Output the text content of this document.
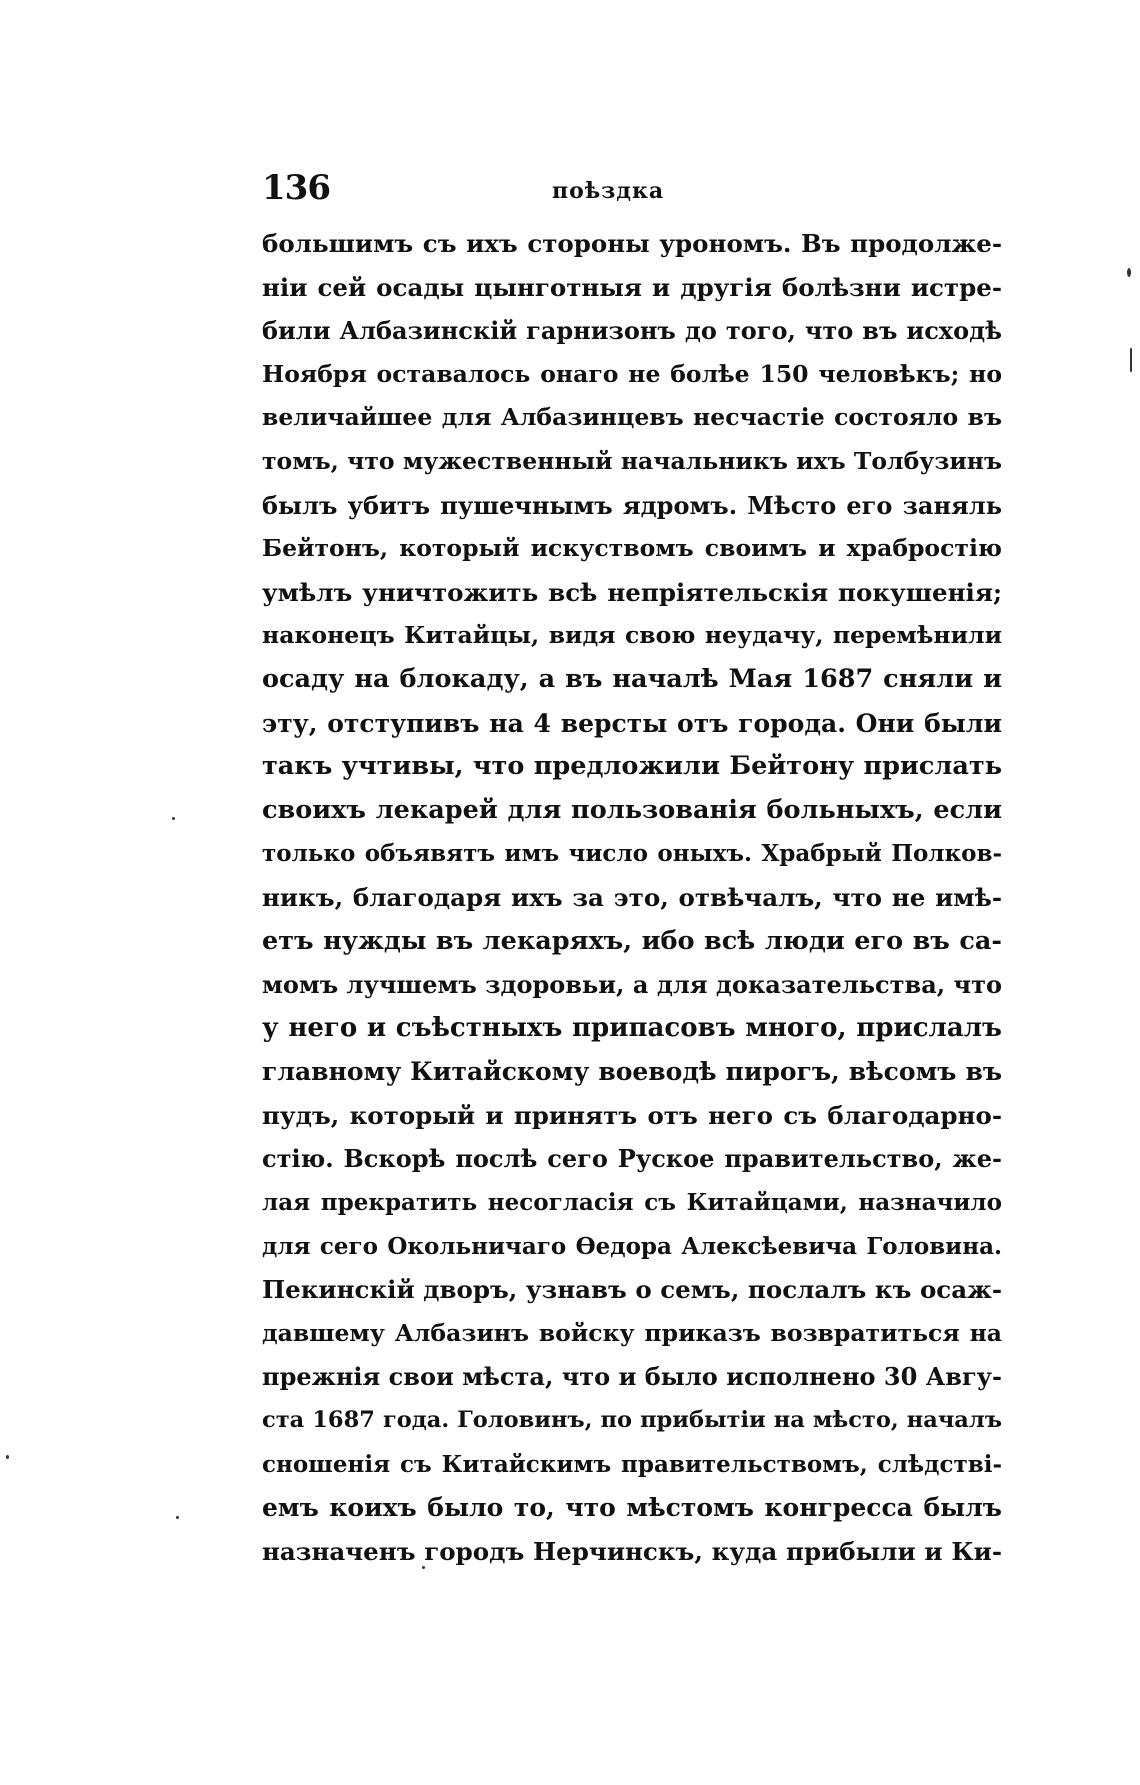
136	поѣздка
большимъ съ ихъ стороны урономъ. Въ продолже-
ніи сей осады цынготныя и другія болѣзни истре-
били Албазинскій гарнизонъ до того, что въ исходѣ
Ноября оставалось онаго не болѣе 150 человѣкъ; но
величайшее для Албазинцевъ несчастіе состояло въ
томъ, что мужественный начальникъ ихъ Толбузинъ
былъ убитъ пушечнымъ ядромъ. Мѣсто его заняль
Бейтонъ, который искуствомъ своимъ и храбростію
умѣлъ уничтожить всѣ непріятельскія покушенія;
наконецъ Китайцы, видя свою неудачу, перемѣнили
осаду на блокаду, а въ началѣ Мая 1687 сняли и
эту, отступивъ на 4 версты отъ города. Они были
такъ учтивы, что предложили Бейтону прислать
своихъ лекарей для пользованія больныхъ, если
только объявятъ имъ число оныхъ. Храбрый Полков-
никъ, благодаря ихъ за это, отвѣчалъ, что не имѣ-
етъ нужды въ лекаряхъ, ибо всѣ люди его въ са-
момъ лучшемъ здоровьи, а для доказательства, что
у него и съѣстныхъ припасовъ много, прислалъ
главному Китайскому воеводѣ пирогъ, вѣсомъ въ
пудъ, который и принятъ отъ него съ благодарно-
стію. Вскорѣ послѣ сего Руское правительство, же-
лая прекратить несогласія съ Китайцами, назначило
для сего Окольничаго Ѳедора Алексѣевича Головина.
Пекинскій дворъ, узнавъ о семъ, послалъ къ осаж-
давшему Албазинъ войску приказъ возвратиться на
прежнія свои мѣста, что и было исполнено 30 Авгу-
ста 1687 года. Головинъ, по прибытіи на мѣсто, началъ
сношенія съ Китайскимъ правительствомъ, слѣдстві-
емъ коихъ было то, что мѣстомъ конгресса былъ
назначенъ городъ Нерчинскъ, куда прибыли и Ки-
